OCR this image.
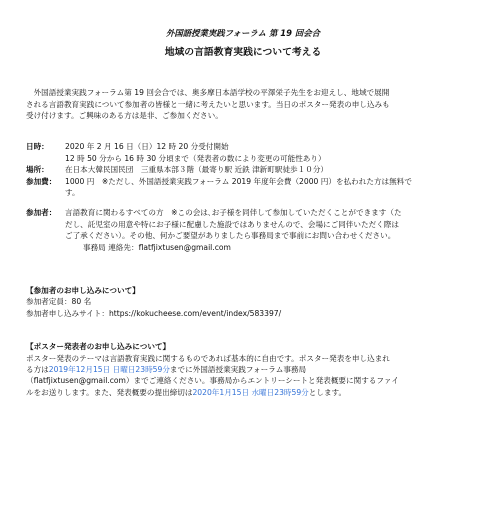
外国語授業実践フォーラム 第 19 回会合
地域の言語教育実践について考える

外国語授業実践フォーラム第 19 回会合では、奥多摩日本語学校の平澤栄子先生をお迎えし、地域で展開

される言語教育実践について参加者の皆様と一緒に考えたいと思います。当日のポスター発表の申し込みも
受け付けます。ご興味のある方は是非、ご参加ください。
日時：	2020 年 2 月 16 日（日）12 時 20 分受付開始
12 時 50 分から 16 時 30 分頃まで（発表者の数により変更の可能性あり）
場所：	在日本大韓民国民団　三重県本部３階（最寄り駅 近鉄 津新町駅徒歩１０分）
参加費：	1000 円　※ただし、外国語授業実践フォーラム 2019 年度年会費（2000 円）を払われた方は無料で
す。
参加者：	言語教育に関わるすべての方　※この会は､お子様を同伴して参加していただくことができます（た

だし、託児室の用意や特にお子様に配慮した施設ではありませんので、会場にご同伴いただく際は

ご了承ください）。その他、何かご要望がありましたら事務局まで事前にお問い合わせください。

事務局 連絡先：flatfjixtusen@gmail.com

【参加者のお申し込みについて】

参加者定員：80 名

参加者申し込みサイト：https://kokucheese.com/event/index/583397/

【ポスター発表者のお申し込みについて】

ポスター発表のテーマは言語教育実践に関するものであれば基本的に自由です。ポスター発表を申し込まれ

る方は2019年12月15日 日曜日23時59分までに外国語授業実践フォーラム事務局

（flatfjixtusen@gmail.com）までご連絡ください。事務局からエントリーシートと発表概要に関するファイ

ルをお送りします。また、発表概要の提出締切は2020年1月15日 水曜日23時59分とします。
